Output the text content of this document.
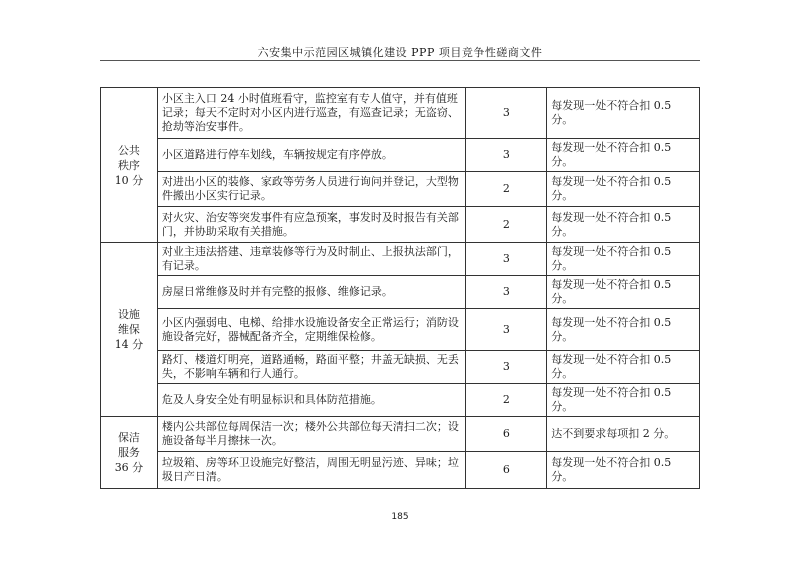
六安集中示范园区城镇化建设 PPP 项目竞争性磋商文件
公共
秩序
10 分	小区主入口 24 小时值班看守，监控室有专人值守，并有值班记录；每天不定时对小区内进行巡查，有巡查记录；无盗窃、抢劫等治安事件。	3	每发现一处不符合扣 0.5 分。
	小区道路进行停车划线，车辆按规定有序停放。	3	每发现一处不符合扣 0.5 分。
	对进出小区的装修、家政等劳务人员进行询问并登记，大型物件搬出小区实行记录。	2	每发现一处不符合扣 0.5 分。
	对火灾、治安等突发事件有应急预案，事发时及时报告有关部门，并协助采取有关措施。	2	每发现一处不符合扣 0.5 分。

设施
维保
14 分	对业主违法搭建、违章装修等行为及时制止、上报执法部门，有记录。	3	每发现一处不符合扣 0.5 分。
	房屋日常维修及时并有完整的报修、维修记录。	3	每发现一处不符合扣 0.5 分。
	小区内强弱电、电梯、给排水设施设备安全正常运行；消防设施设备完好，器械配备齐全，定期维保检修。	3	每发现一处不符合扣 0.5 分。
	路灯、楼道灯明亮，道路通畅，路面平整；井盖无缺损、无丢失，不影响车辆和行人通行。	3	每发现一处不符合扣 0.5 分。
	危及人身安全处有明显标识和具体防范措施。	2	每发现一处不符合扣 0.5 分。

保洁
服务
36 分	楼内公共部位每周保洁一次；楼外公共部位每天清扫二次；设施设备每半月擦抹一次。	6	达不到要求每项扣 2 分。
	垃圾箱、房等环卫设施完好整洁，周围无明显污迹、异味；垃圾日产日清。	6	每发现一处不符合扣 0.5 分。
185
